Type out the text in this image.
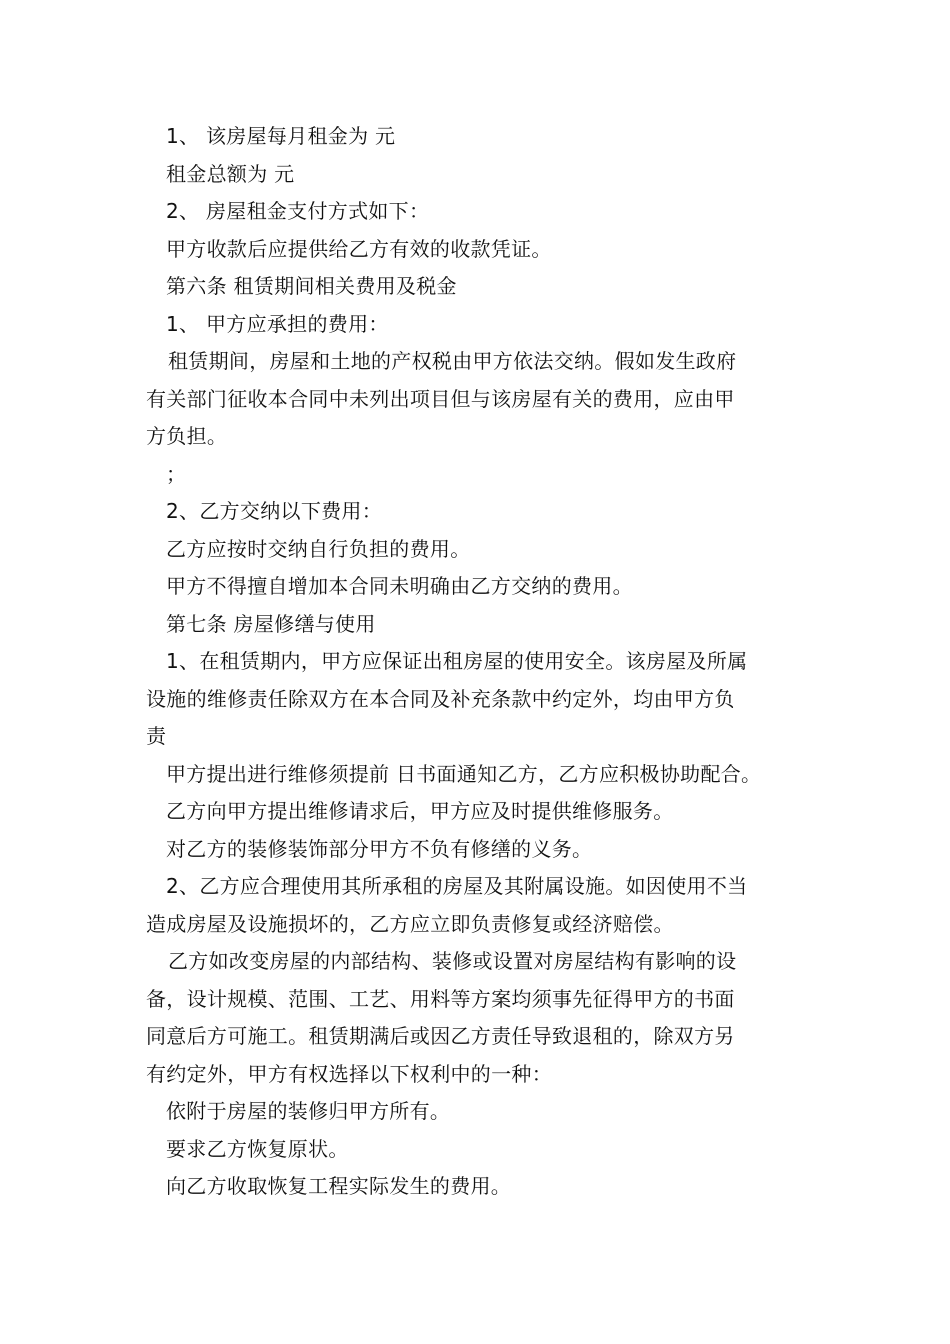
1、 该房屋每月租金为 元
租金总额为 元
2、 房屋租金支付方式如下：
甲方收款后应提供给乙方有效的收款凭证。
第六条 租赁期间相关费用及税金
1、 甲方应承担的费用：
租赁期间，房屋和土地的产权税由甲方依法交纳。假如发生政府
有关部门征收本合同中未列出项目但与该房屋有关的费用，应由甲
方负担。
；
2、乙方交纳以下费用：
乙方应按时交纳自行负担的费用。
甲方不得擅自增加本合同未明确由乙方交纳的费用。
第七条 房屋修缮与使用
1、在租赁期内，甲方应保证出租房屋的使用安全。该房屋及所属
设施的维修责任除双方在本合同及补充条款中约定外，均由甲方负
责
甲方提出进行维修须提前 日书面通知乙方，乙方应积极协助配合。
乙方向甲方提出维修请求后，甲方应及时提供维修服务。
对乙方的装修装饰部分甲方不负有修缮的义务。
2、乙方应合理使用其所承租的房屋及其附属设施。如因使用不当
造成房屋及设施损坏的，乙方应立即负责修复或经济赔偿。
乙方如改变房屋的内部结构、装修或设置对房屋结构有影响的设
备，设计规模、范围、工艺、用料等方案均须事先征得甲方的书面
同意后方可施工。租赁期满后或因乙方责任导致退租的，除双方另
有约定外，甲方有权选择以下权利中的一种：
依附于房屋的装修归甲方所有。
要求乙方恢复原状。
向乙方收取恢复工程实际发生的费用。
